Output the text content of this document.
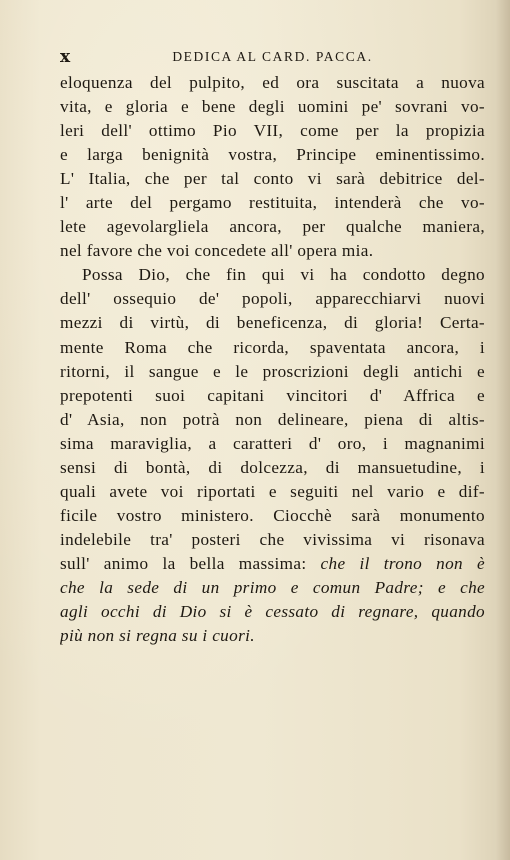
x	DEDICA AL CARD. PACCA.
eloquenza del pulpito, ed ora suscitata a nuova
vita, e gloria e bene degli uomini pe' sovrani vo-
leri dell' ottimo Pio VII, come per la propizia
e larga benignità vostra, Principe eminentissimo.
L' Italia, che per tal conto vi sarà debitrice del-
l' arte del pergamo restituita, intenderà che vo-
lete agevolargliela ancora, per qualche maniera,
nel favore che voi concedete all' opera mia.
Possa Dio, che fin qui vi ha condotto degno
dell' ossequio de' popoli, apparecchiarvi nuovi
mezzi di virtù, di beneficenza, di gloria! Certa-
mente Roma che ricorda, spaventata ancora, i
ritorni, il sangue e le proscrizioni degli antichi e
prepotenti suoi capitani vincitori d' Affrica e
d' Asia, non potrà non delineare, piena di altis-
sima maraviglia, a caratteri d' oro, i magnanimi
sensi di bontà, di dolcezza, di mansuetudine, i
quali avete voi riportati e seguiti nel vario e dif-
ficile vostro ministero. Ciocchè sarà monumento
indelebile tra' posteri che vivissima vi risonava
sull' animo la bella massima: che il trono non è
che la sede di un primo e comun Padre; e che
agli occhi di Dio si è cessato di regnare, quando
più non si regna su i cuori.
